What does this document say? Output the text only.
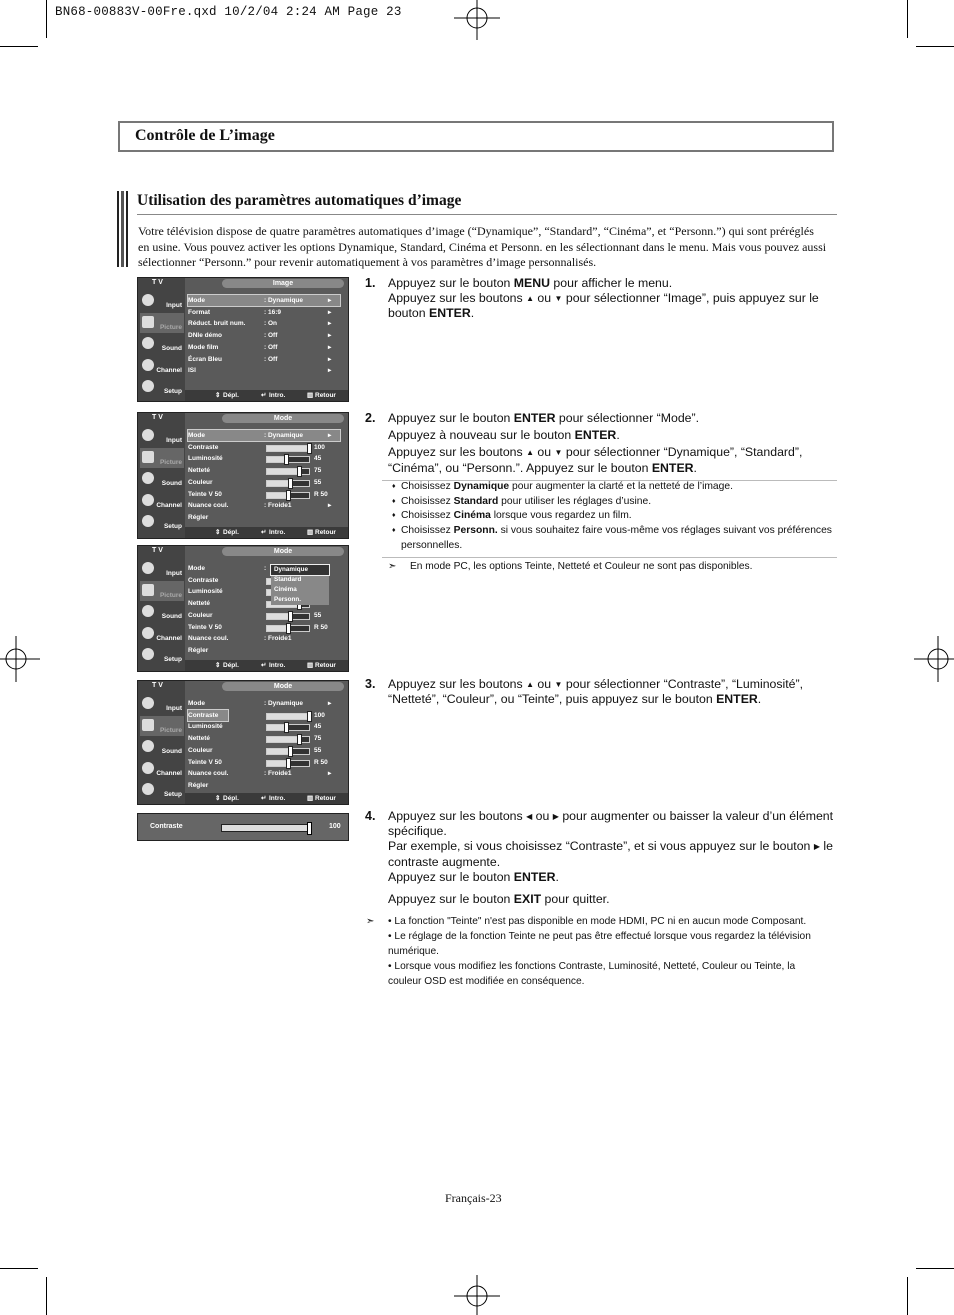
BN68-00883V-00Fre.qxd 10/2/04 2:24 AM Page 23
Contrôle de L’image
Utilisation des paramètres automatiques d’image
Votre télévision dispose de quatre paramètres automatiques d’image (“Dynamique”, “Standard”, “Cinéma”, et “Personn.”) qui sont préréglés en usine. Vous pouvez activer les options Dynamique, Standard, Cinéma et Personn. en les sélectionnant dans le menu. Mais vous pouvez aussi sélectionner “Personn.” pour revenir automatiquement à vos paramètres d’image personnalisés.
1. Appuyez sur le bouton MENU pour afficher le menu.
Appuyez sur les boutons ▲ ou ▼ pour sélectionner “Image”, puis appuyez sur le bouton ENTER.
2. Appuyez sur le bouton ENTER pour sélectionner “Mode”.
Appuyez à nouveau sur le bouton ENTER.
Appuyez sur les boutons ▲ ou ▼ pour sélectionner “Dynamique”, “Standard”, “Cinéma”, ou “Personn.”. Appuyez sur le bouton ENTER.
♦ Choisissez Dynamique pour augmenter la clarté et la netteté de l’image.
♦ Choisissez Standard pour utiliser les réglages d’usine.
♦ Choisissez Cinéma lorsque vous regardez un film.
♦ Choisissez Personn. si vous souhaitez faire vous-même vos réglages suivant vos préférences personnelles.
➣ En mode PC, les options Teinte, Netteté et Couleur ne sont pas disponibles.
3. Appuyez sur les boutons ▲ ou ▼ pour sélectionner “Contraste”, “Luminosité”, “Netteté”, “Couleur”, ou “Teinte”, puis appuyez sur le bouton ENTER.
4. Appuyez sur les boutons ◀ ou ▶ pour augmenter ou baisser la valeur d’un élément spécifique.
Par exemple, si vous choisissez “Contraste”, et si vous appuyez sur le bouton ▶ le contraste augmente.
Appuyez sur le bouton ENTER.
Appuyez sur le bouton EXIT pour quitter.
➣ • La fonction "Teinte" n'est pas disponible en mode HDMI, PC ni en aucun mode Composant.
• Le réglage de la fonction Teinte ne peut pas être effectué lorsque vous regardez la télévision numérique.
• Lorsque vous modifiez les fonctions Contraste, Luminosité, Netteté, Couleur ou Teinte, la couleur OSD est modifiée en conséquence.
Français-23
T V	Image
Input
Picture
Sound
Channel
Setup
Mode	: Dynamique	▸
Format	: 16:9	▸
Réduct. bruit num.	: On	▸
DNIe démo	: Off	▸
Mode film	: Off	▸
Écran Bleu	: Off	▸
ISI	▸
⇕ Dépl.	↵ Intro.	▥ Retour
T V	Mode
Input
Picture
Sound
Channel
Setup
Mode	: Dynamique	▸
Contraste	100
Luminosité	45
Netteté	75
Couleur	55
Teinte V 50	R 50
Nuance coul.	: Froide1	▸
Régler
⇕ Dépl.	↵ Intro.	▥ Retour
T V	Mode
Input
Picture
Sound
Channel
Setup
Mode	:
Contraste
Luminosité
Netteté
Couleur	55
Teinte V 50	R 50
Nuance coul.	: Froide1
Régler
Dynamique
Standard
Cinéma
Personn.
⇕ Dépl.	↵ Intro.	▥ Retour
T V	Mode
Input
Picture
Sound
Channel
Setup
Mode	: Dynamique	▸
Contraste	100
Luminosité	45
Netteté	75
Couleur	55
Teinte V 50	R 50
Nuance coul.	: Froide1	▸
Régler
⇕ Dépl.	↵ Intro.	▥ Retour
Contraste	100
